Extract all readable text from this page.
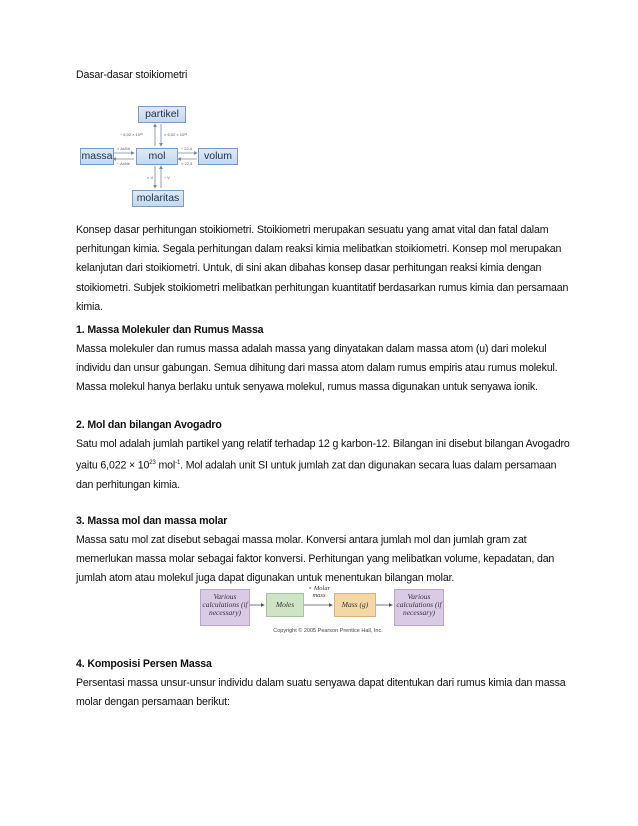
Dasar-dasar stoikiometri
partikel
massa	mol	volum
molaritas
÷ 6,02 × 10²³	× 6,02 × 10²³
× Ar/Mr
÷ Ar/Mr
÷ 22,4
× 22,4
× V	÷ V
Konsep dasar perhitungan stoikiometri. Stoikiometri merupakan sesuatu yang amat vital dan fatal dalam perhitungan kimia. Segala perhitungan dalam reaksi kimia melibatkan stoikiometri. Konsep mol merupakan kelanjutan dari stoikiometri. Untuk, di sini akan dibahas konsep dasar perhitungan reaksi kimia dengan stoikiometri. Subjek stoikiometri melibatkan perhitungan kuantitatif berdasarkan rumus kimia dan persamaan kimia.
1. Massa Molekuler dan Rumus Massa
Massa molekuler dan rumus massa adalah massa yang dinyatakan dalam massa atom (u) dari molekul individu dan unsur gabungan. Semua dihitung dari massa atom dalam rumus empiris atau rumus molekul. Massa molekul hanya berlaku untuk senyawa molekul, rumus massa digunakan untuk senyawa ionik.
2. Mol dan bilangan Avogadro
Satu mol adalah jumlah partikel yang relatif terhadap 12 g karbon-12. Bilangan ini disebut bilangan Avogadro yaitu $6,022 \times 10^{23}$ mol$^{-1}$. Mol adalah unit SI untuk jumlah zat dan digunakan secara luas dalam persamaan dan perhitungan kimia.
3. Massa mol dan massa molar
Massa satu mol zat disebut sebagai massa molar. Konversi antara jumlah mol dan jumlah gram zat memerlukan massa molar sebagai faktor konversi. Perhitungan yang melibatkan volume, kepadatan, dan jumlah atom atau molekul juga dapat digunakan untuk menentukan bilangan molar.
Various calculations (if necessary)
Moles
× Molar mass
Mass (g)
Various calculations (if necessary)
Copyright © 2005 Pearson Prentice Hall, Inc.
4. Komposisi Persen Massa
Persentasi massa unsur-unsur individu dalam suatu senyawa dapat ditentukan dari rumus kimia dan massa molar dengan persamaan berikut:
